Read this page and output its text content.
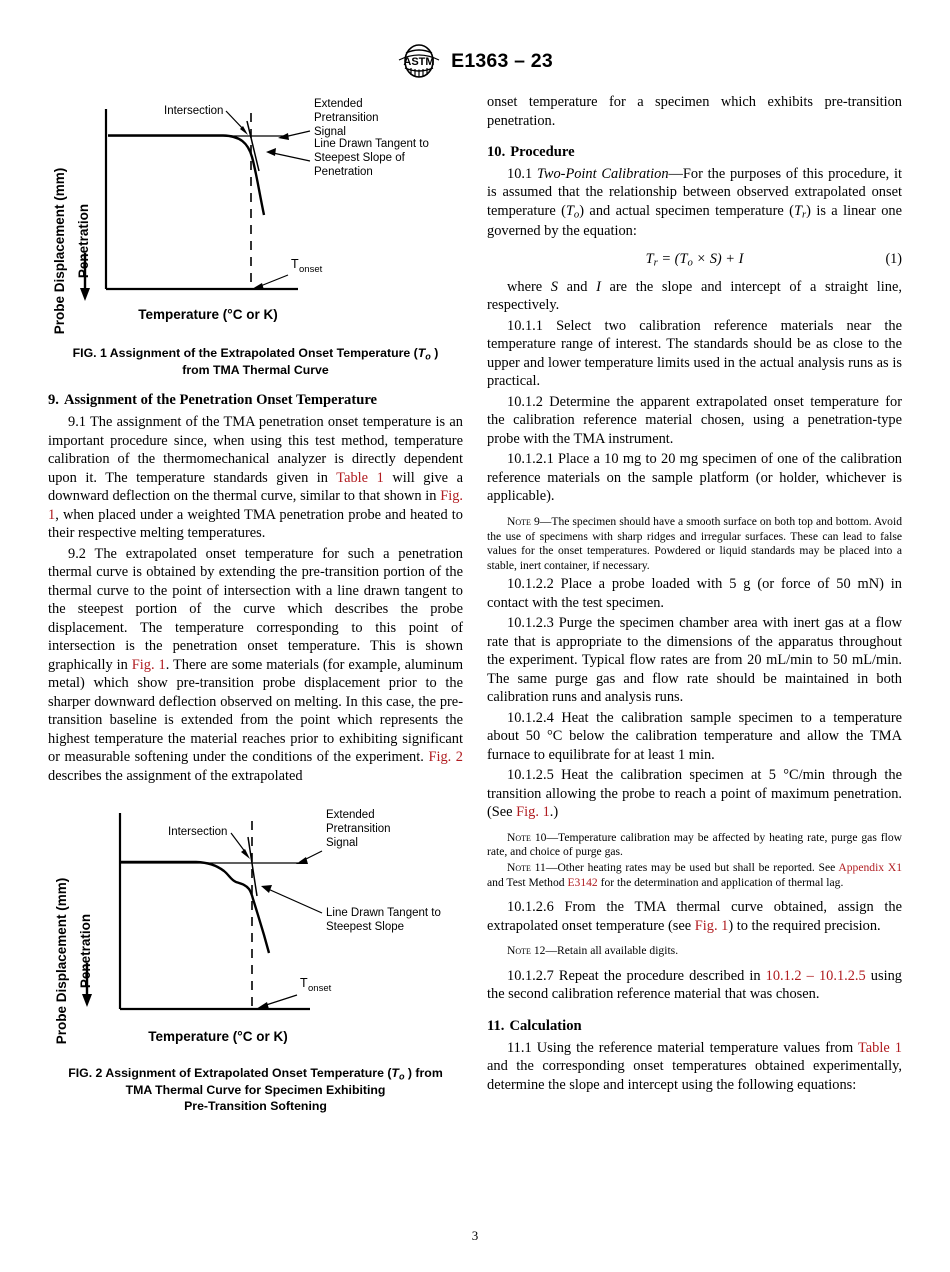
ASTM E1363 – 23
Probe Displacement (mm) Penetration
Intersection
Extended
Pretransition
Signal
Line Drawn Tangent to
Steepest Slope of
Penetration
T onset
Temperature (°C or K)
FIG. 1 Assignment of the Extrapolated Onset Temperature ($T_o$ )
from TMA Thermal Curve

9. Assignment of the Penetration Onset Temperature

9.1 The assignment of the TMA penetration onset temperature is an important procedure since, when using this test method, temperature calibration of the thermomechanical analyzer is directly dependent upon it. The temperature standards given in Table 1 will give a downward deflection on the thermal curve, similar to that shown in Fig. 1, when placed under a weighted TMA penetration probe and heated to their respective melting temperatures.

9.2 The extrapolated onset temperature for such a penetration thermal curve is obtained by extending the pre-transition portion of the thermal curve to the point of intersection with a line drawn tangent to the steepest portion of the curve which describes the probe displacement. The temperature corresponding to this point of intersection is the penetration onset temperature. This is shown graphically in Fig. 1. There are some materials (for example, aluminum metal) which show pre-transition probe displacement prior to the sharper downward deflection observed on melting. In this case, the pre-transition baseline is extended from the point which represents the highest temperature the material reaches prior to exhibiting significant or measurable softening under the conditions of the experiment. Fig. 2 describes the assignment of the extrapolated

Probe Displacement (mm) Penetration
Intersection
Extended
Pretransition
Signal
Line Drawn Tangent to
Steepest Slope
T onset
Temperature (°C or K)
FIG. 2 Assignment of Extrapolated Onset Temperature ($T_o$ ) from
TMA Thermal Curve for Specimen Exhibiting
Pre-Transition Softening

onset temperature for a specimen which exhibits pre-transition penetration.

10. Procedure

10.1 Two-Point Calibration—For the purposes of this procedure, it is assumed that the relationship between observed extrapolated onset temperature $(T_o)$ and actual specimen temperature $(T_r)$ is a linear one governed by the equation:

$T_r = (T_o \times S) + I$	(1)

where S and I are the slope and intercept of a straight line, respectively.

10.1.1 Select two calibration reference materials near the temperature range of interest. The standards should be as close to the upper and lower temperature limits used in the actual analysis runs as is practical.

10.1.2 Determine the apparent extrapolated onset temperature for the calibration reference material chosen, using a penetration-type probe with the TMA instrument.

10.1.2.1 Place a 10 mg to 20 mg specimen of one of the calibration reference materials on the sample platform (or holder, whichever is applicable).

Note 9—The specimen should have a smooth surface on both top and bottom. Avoid the use of specimens with sharp ridges and irregular surfaces. These can lead to false values for the onset temperatures. Powdered or liquid standards may be placed into a stable, inert container, if necessary.

10.1.2.2 Place a probe loaded with 5 g (or force of 50 mN) in contact with the test specimen.

10.1.2.3 Purge the specimen chamber area with inert gas at a flow rate that is appropriate to the dimensions of the apparatus throughout the experiment. Typical flow rates are from 20 mL/min to 50 mL/min. The same purge gas and flow rate should be maintained in both calibration runs and analysis runs.

10.1.2.4 Heat the calibration sample specimen to a temperature about 50 °C below the calibration temperature and allow the TMA furnace to equilibrate for at least 1 min.

10.1.2.5 Heat the calibration specimen at 5 °C/min through the transition allowing the probe to reach a point of maximum penetration. (See Fig. 1.)

Note 10—Temperature calibration may be affected by heating rate, purge gas flow rate, and choice of purge gas.

Note 11—Other heating rates may be used but shall be reported. See Appendix X1 and Test Method E3142 for the determination and application of thermal lag.

10.1.2.6 From the TMA thermal curve obtained, assign the extrapolated onset temperature (see Fig. 1) to the required precision.

Note 12—Retain all available digits.

10.1.2.7 Repeat the procedure described in 10.1.2 – 10.1.2.5 using the second calibration reference material that was chosen.

11. Calculation

11.1 Using the reference material temperature values from Table 1 and the corresponding onset temperatures obtained experimentally, determine the slope and intercept using the following equations:

3
